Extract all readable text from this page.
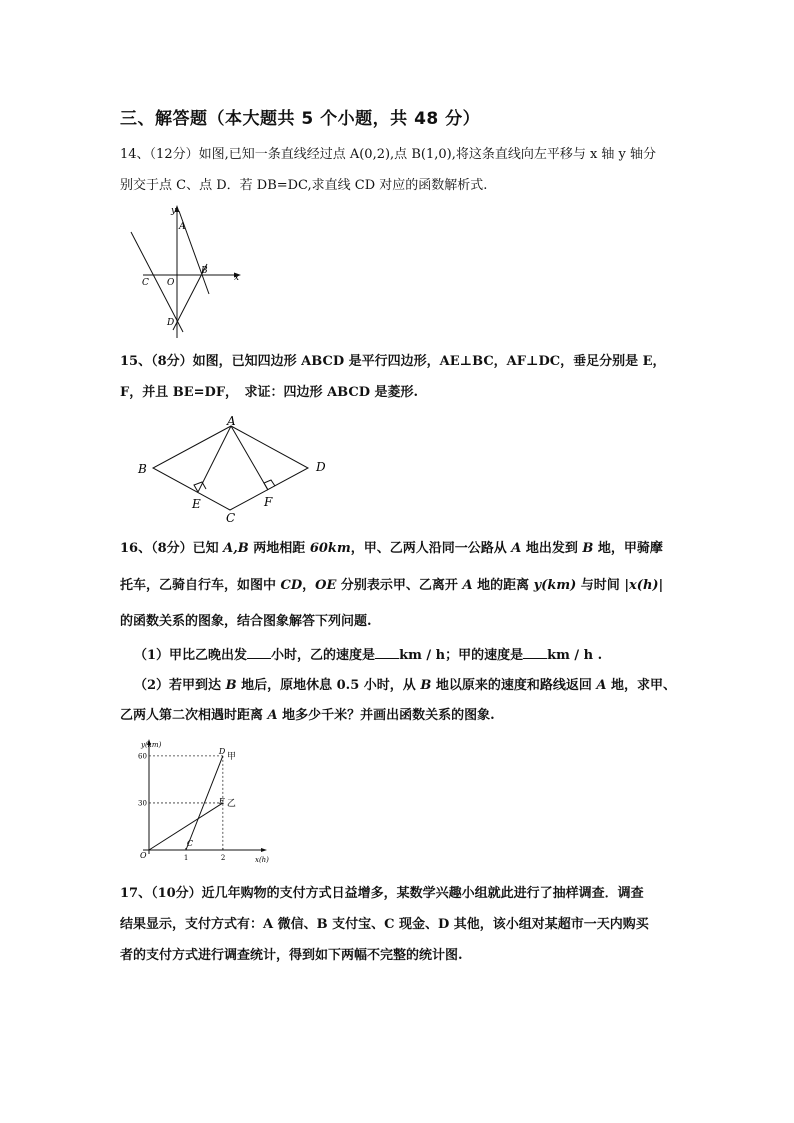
三、解答题（本大题共 5 个小题，共 48 分）
14、（12分）如图,已知一条直线经过点 A(0,2),点 B(1,0),将这条直线向左平移与 x 轴 y 轴分
别交于点 C、点 D．若 DB=DC,求直线 CD 对应的函数解析式.
y
x
A
B
C O
D
15、（8分）如图，已知四边形 ABCD 是平行四边形，AE⊥BC，AF⊥DC，垂足分别是 E，
F，并且 BE=DF，　求证：四边形 ABCD 是菱形.
A
B
C
D
E	F
16、（8分）已知 A,B 两地相距 60km，甲、乙两人沿同一公路从 A 地出发到 B 地，甲骑摩
托车，乙骑自行车，如图中 CD，OE 分别表示甲、乙离开 A 地的距离 y(km) 与时间 |x(h)|
的函数关系的图象，结合图象解答下列问题.
（1）甲比乙晚出发 小时，乙的速度是 km / h；甲的速度是 km / h .
（2）若甲到达 B 地后，原地休息 0.5 小时，从 B 地以原来的速度和路线返回 A 地，求甲、
乙两人第二次相遇时距离 A 地多少千米？并画出函数关系的图象.
x(h)
y(km)
O	1	2
30
60
C
D
甲
E 乙
17、（10分）近几年购物的支付方式日益增多，某数学兴趣小组就此进行了抽样调查．调查
结果显示，支付方式有：A 微信、B 支付宝、C 现金、D 其他，该小组对某超市一天内购买
者的支付方式进行调查统计，得到如下两幅不完整的统计图.
